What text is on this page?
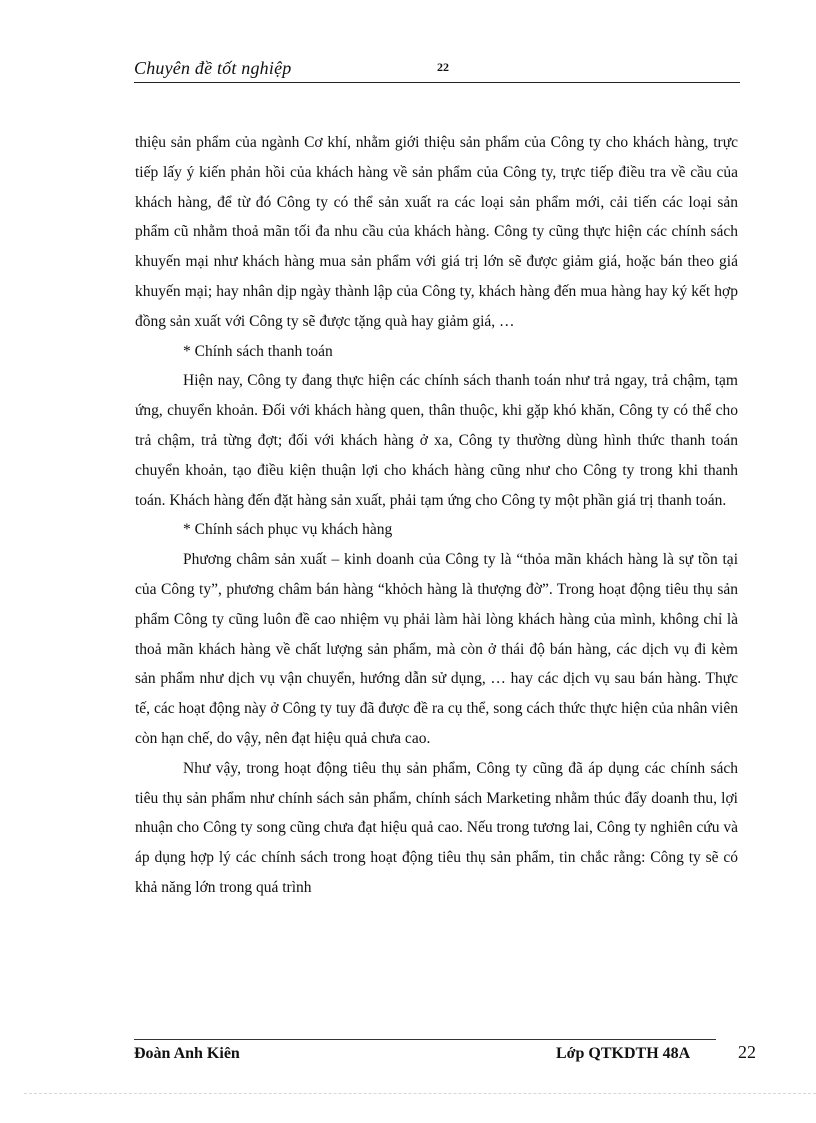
Chuyên đề tốt nghiệp	22

thiệu sản phẩm của ngành Cơ khí, nhằm giới thiệu sản phẩm của Công ty cho khách hàng, trực tiếp lấy ý kiến phản hồi của khách hàng về sản phẩm của Công ty, trực tiếp điều tra về cầu của khách hàng, để từ đó Công ty có thể sản xuất ra các loại sản phẩm mới, cải tiến các loại sản phẩm cũ nhằm thoả mãn tối đa nhu cầu của khách hàng. Công ty cũng thực hiện các chính sách khuyến mại như khách hàng mua sản phẩm với giá trị lớn sẽ được giảm giá, hoặc bán theo giá khuyến mại; hay nhân dịp ngày thành lập của Công ty, khách hàng đến mua hàng hay ký kết hợp đồng sản xuất với Công ty sẽ được tặng quà hay giảm giá, …

* Chính sách thanh toán

Hiện nay, Công ty đang thực hiện các chính sách thanh toán như trả ngay, trả chậm, tạm ứng, chuyển khoản. Đối với khách hàng quen, thân thuộc, khi gặp khó khăn, Công ty có thể cho trả chậm, trả từng đợt; đối với khách hàng ở xa, Công ty thường dùng hình thức thanh toán chuyển khoản, tạo điều kiện thuận lợi cho khách hàng cũng như cho Công ty trong khi thanh toán. Khách hàng đến đặt hàng sản xuất, phải tạm ứng cho Công ty một phần giá trị thanh toán.

* Chính sách phục vụ khách hàng

Phương châm sản xuất – kinh doanh của Công ty là “thỏa mãn khách hàng là sự tồn tại của Công ty”, phương châm bán hàng “khỏch hàng là thượng đờ”. Trong hoạt động tiêu thụ sản phẩm Công ty cũng luôn đề cao nhiệm vụ phải làm hài lòng khách hàng của mình, không chỉ là thoả mãn khách hàng về chất lượng sản phẩm, mà còn ở thái độ bán hàng, các dịch vụ đi kèm sản phẩm như dịch vụ vận chuyển, hướng dẫn sử dụng, … hay các dịch vụ sau bán hàng. Thực tế, các hoạt động này ở Công ty tuy đã được đề ra cụ thể, song cách thức thực hiện của nhân viên còn hạn chế, do vậy, nên đạt hiệu quả chưa cao.

Như vậy, trong hoạt động tiêu thụ sản phẩm, Công ty cũng đã áp dụng các chính sách tiêu thụ sản phẩm như chính sách sản phẩm, chính sách Marketing nhằm thúc đẩy doanh thu, lợi nhuận cho Công ty song cũng chưa đạt hiệu quả cao. Nếu trong tương lai, Công ty nghiên cứu và áp dụng hợp lý các chính sách trong hoạt động tiêu thụ sản phẩm, tin chắc rằng: Công ty sẽ có khả năng lớn trong quá trình

Đoàn Anh Kiên	Lớp QTKDTH 48A	22
